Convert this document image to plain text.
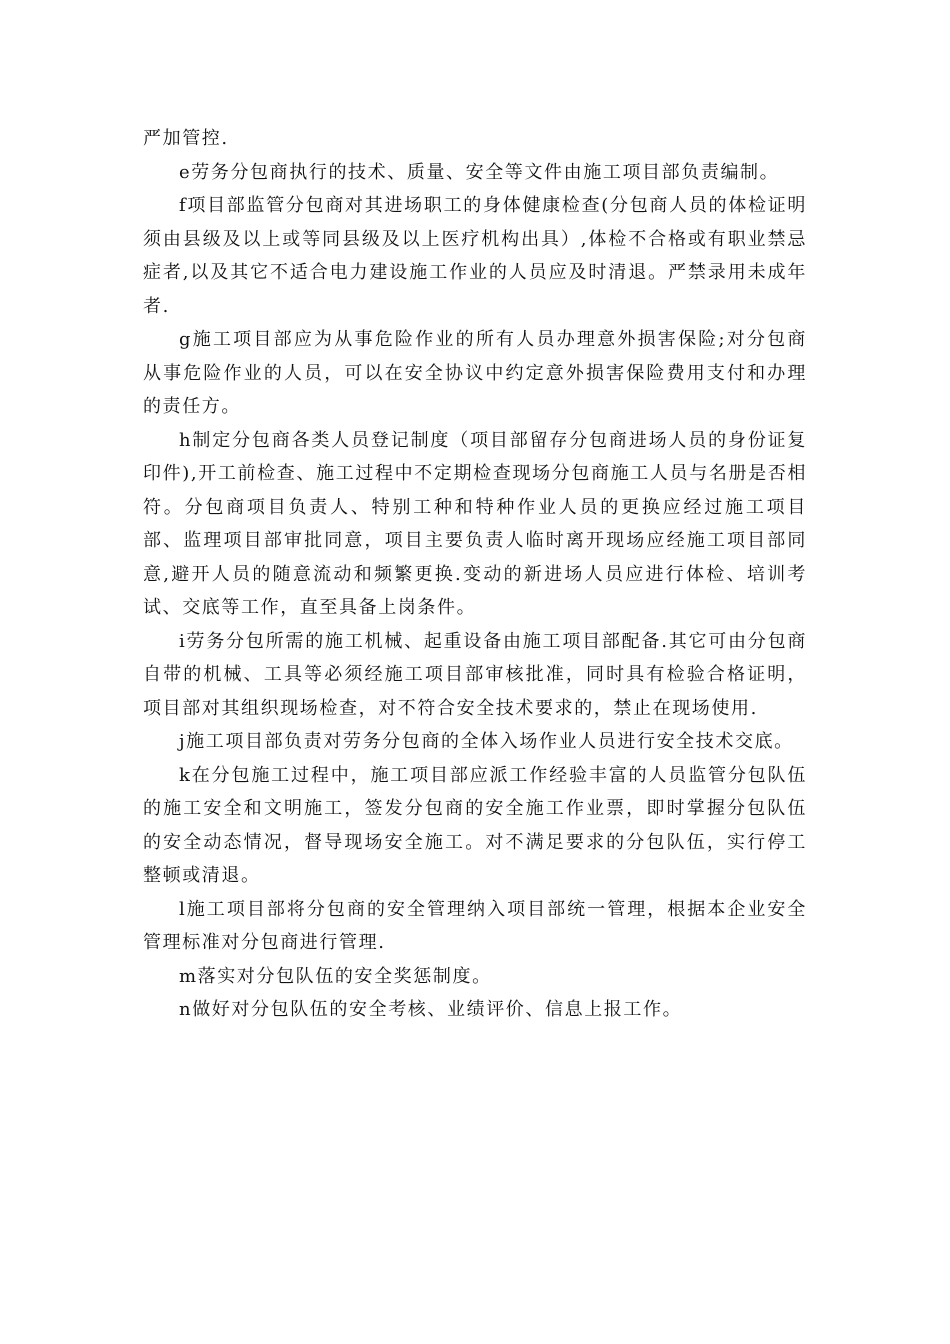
严加管控.

e劳务分包商执行的技术、质量、安全等文件由施工项目部负责编制。

f项目部监管分包商对其进场职工的身体健康检查(分包商人员的体检证明须由县级及以上或等同县级及以上医疗机构出具）,体检不合格或有职业禁忌症者,以及其它不适合电力建设施工作业的人员应及时清退。严禁录用未成年者.

g施工项目部应为从事危险作业的所有人员办理意外损害保险;对分包商从事危险作业的人员，可以在安全协议中约定意外损害保险费用支付和办理的责任方。

h制定分包商各类人员登记制度（项目部留存分包商进场人员的身份证复印件),开工前检查、施工过程中不定期检查现场分包商施工人员与名册是否相符。分包商项目负责人、特别工种和特种作业人员的更换应经过施工项目部、监理项目部审批同意，项目主要负责人临时离开现场应经施工项目部同意,避开人员的随意流动和频繁更换.变动的新进场人员应进行体检、培训考试、交底等工作，直至具备上岗条件。

i劳务分包所需的施工机械、起重设备由施工项目部配备.其它可由分包商自带的机械、工具等必须经施工项目部审核批准，同时具有检验合格证明，项目部对其组织现场检查，对不符合安全技术要求的，禁止在现场使用.

j施工项目部负责对劳务分包商的全体入场作业人员进行安全技术交底。

k在分包施工过程中，施工项目部应派工作经验丰富的人员监管分包队伍的施工安全和文明施工，签发分包商的安全施工作业票，即时掌握分包队伍的安全动态情况，督导现场安全施工。对不满足要求的分包队伍，实行停工整顿或清退。

l施工项目部将分包商的安全管理纳入项目部统一管理，根据本企业安全管理标准对分包商进行管理.

m落实对分包队伍的安全奖惩制度。

n做好对分包队伍的安全考核、业绩评价、信息上报工作。
